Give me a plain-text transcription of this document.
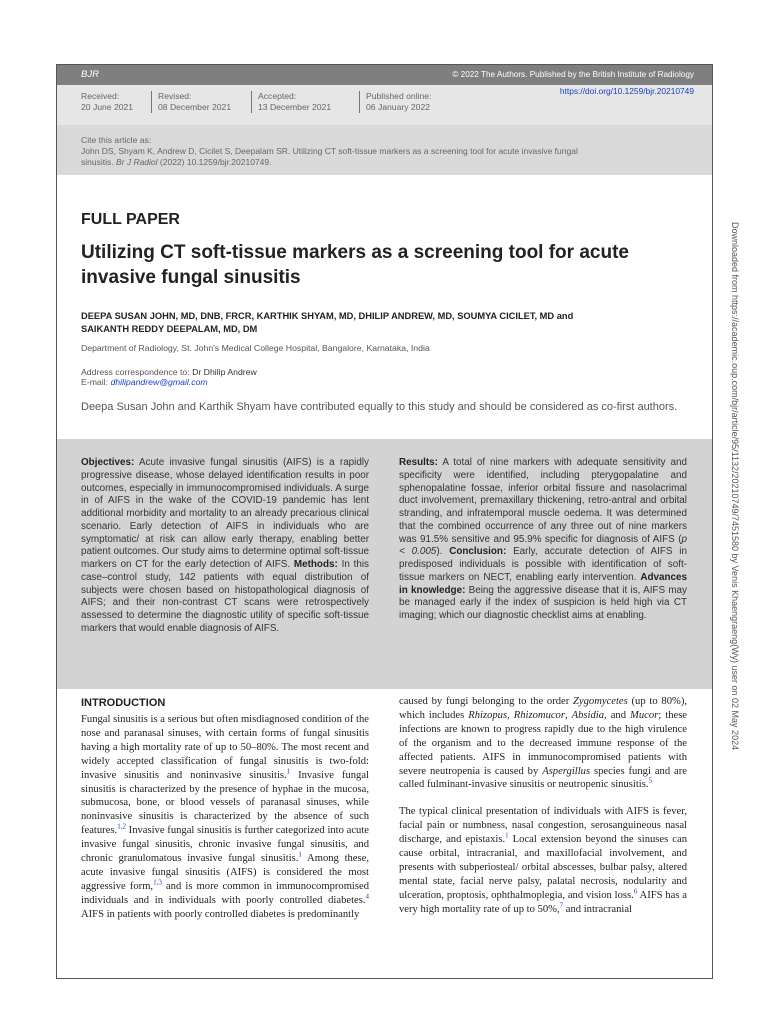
BJR	© 2022 The Authors. Published by the British Institute of Radiology
Received:
20 June 2021
Revised:
08 December 2021
Accepted:
13 December 2021
Published online:
06 January 2022
https://doi.org/10.1259/bjr.20210749
Cite this article as:
John DS, Shyam K, Andrew D, Cicilet S, Deepalam SR. Utilizing CT soft-tissue markers as a screening tool for acute invasive fungal
sinusitis. Br J Radiol (2022) 10.1259/bjr.20210749.
FULL PAPER
Utilizing CT soft-tissue markers as a screening tool for acute invasive fungal sinusitis
DEEPA SUSAN JOHN, MD, DNB, FRCR, KARTHIK SHYAM, MD, DHILIP ANDREW, MD, SOUMYA CICILET, MD and
SAIKANTH REDDY DEEPALAM, MD, DM
Department of Radiology, St. John's Medical College Hospital, Bangalore, Karnataka, India
Address correspondence to: Dr Dhilip Andrew
E-mail: dhilipandrew@gmail.com
Deepa Susan John and Karthik Shyam have contributed equally to this study and should be considered as co-first authors.
Objectives: Acute invasive fungal sinusitis (AIFS) is a rapidly progressive disease, whose delayed identification results in poor outcomes, especially in immunocompromised individuals. A surge in of AIFS in the wake of the COVID-19 pandemic has lent additional morbidity and mortality to an already precarious clinical scenario. Early detection of AIFS in individuals who are symptomatic/ at risk can allow early therapy, enabling better patient outcomes. Our study aims to determine optimal soft-tissue markers on CT for the early detection of AIFS. Methods: In this case–control study, 142 patients with equal distribution of subjects were chosen based on histopathological diagnosis of AIFS; and their non-contrast CT scans were retrospectively assessed to determine the diagnostic utility of specific soft-tissue markers that would enable diagnosis of AIFS.
Results: A total of nine markers with adequate sensitivity and specificity were identified, including pterygopalatine and sphenopalatine fossae, inferior orbital fissure and nasolacrimal duct involvement, premaxillary thickening, retro-antral and orbital stranding, and infratemporal muscle oedema. It was determined that the combined occurrence of any three out of nine markers was 91.5% sensitive and 95.9% specific for diagnosis of AIFS (p < 0.005). Conclusion: Early, accurate detection of AIFS in predisposed individuals is possible with identification of soft-tissue markers on NECT, enabling early intervention. Advances in knowledge: Being the aggressive disease that it is, AIFS may be managed early if the index of suspicion is held high via CT imaging; which our diagnostic checklist aims at enabling.
INTRODUCTION

Fungal sinusitis is a serious but often misdiagnosed condition of the nose and paranasal sinuses, with certain forms of fungal sinusitis having a high mortality rate of up to 50–80%. The most recent and widely accepted classification of fungal sinusitis is two-fold: invasive sinusitis and noninvasive sinusitis.$^1$ Invasive fungal sinusitis is characterized by the presence of hyphae in the mucosa, submucosa, bone, or blood vessels of paranasal sinuses, while noninvasive sinusitis is characterized by the absence of such features.$^{1,2}$ Invasive fungal sinusitis is further categorized into acute invasive fungal sinusitis, chronic invasive fungal sinusitis, and chronic granulomatous invasive fungal sinusitis.$^1$ Among these, acute invasive fungal sinusitis (AIFS) is considered the most aggressive form,$^{1,3}$ and is more common in immunocompromised individuals and in individuals with poorly controlled diabetes.$^4$ AIFS in patients with poorly controlled diabetes is predominantly

caused by fungi belonging to the order Zygomycetes (up to 80%), which includes Rhizopus, Rhizomucor, Absidia, and Mucor; these infections are known to progress rapidly due to the high virulence of the organism and to the decreased immune response of the affected patients. AIFS in immunocompromised patients with severe neutropenia is caused by Aspergillus species fungi and are called fulminant-invasive sinusitis or neutropenic sinusitis.$^5$

The typical clinical presentation of individuals with AIFS is fever, facial pain or numbness, nasal congestion, serosanguineous nasal discharge, and epistaxis.$^1$ Local extension beyond the sinuses can cause orbital, intracranial, and maxillofacial involvement, and presents with subperiosteal/ orbital abscesses, bulbar palsy, altered mental state, facial nerve palsy, palatal necrosis, nodularity and ulceration, proptosis, ophthalmoplegia, and vision loss.$^6$ AIFS has a very high mortality rate of up to 50%,$^7$ and intracranial

Downloaded from https://academic.oup.com/bjr/article/95/1132/20210749/7451580 by Venis Khaengraeng(Wy) user on 02 May 2024
